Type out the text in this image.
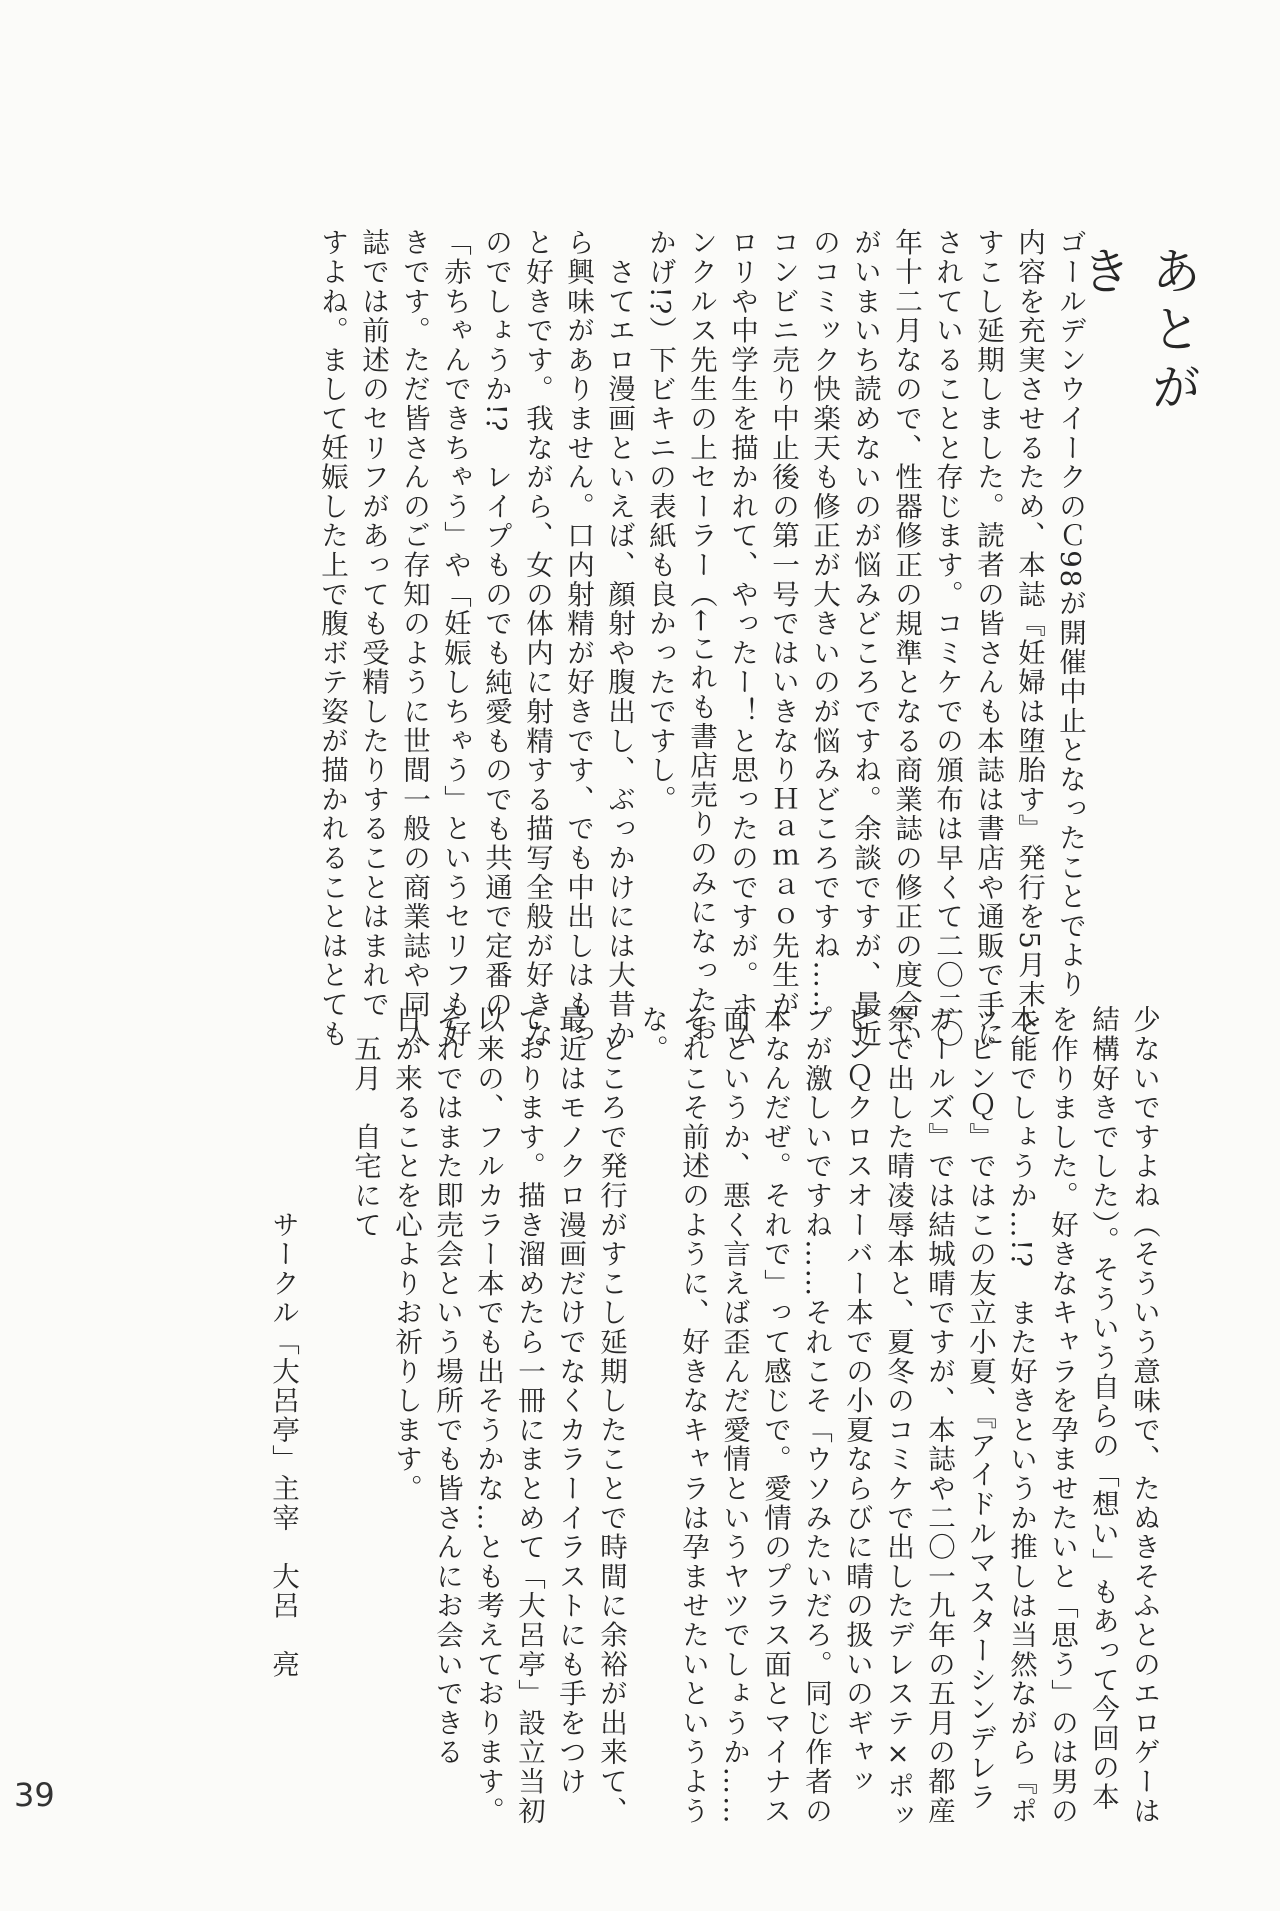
あとがき
ゴールデンウイークのＣ98が開催中止となったことでより
内容を充実させるため、本誌『妊婦は堕胎す』発行を5月末と
すこし延期しました。読者の皆さんも本誌は書店や通販で手に
されていることと存じます。コミケでの頒布は早くて二〇二〇
年十二月なので、性器修正の規準となる商業誌の修正の度合い
がいまいち読めないのが悩みどころですね。余談ですが、最近
のコミック快楽天も修正が大きいのが悩みどころですね……
コンビニ売り中止後の第一号ではいきなりＨａｍａｏ先生が
ロリや中学生を描かれて、やったー！と思ったのですが。ホム
ンクルス先生の上セーラー（←これも書店売りのみになったお
かげ!?）下ビキニの表紙も良かったですし。
　さてエロ漫画といえば、顔射や腹出し、ぶっかけには大昔か
ら興味がありません。口内射精が好きです、でも中出しはもっ
と好きです。我ながら、女の体内に射精する描写全般が好きな
のでしょうか!?　レイプものでも純愛ものでも共通で定番の
「赤ちゃんできちゃう」や「妊娠しちゃう」というセリフも好
きです。ただ皆さんのご存知のように世間一般の商業誌や同人
誌では前述のセリフがあっても受精したりすることはまれで
すよね。まして妊娠した上で腹ボテ姿が描かれることはとても
少ないですよね（そういう意味で、たぬきそふとのエロゲーは
結構好きでした）。そういう自らの「想い」もあって今回の本
を作りました。好きなキャラを孕ませたいと「思う」のは男の
本能でしょうか…!?　また好きというか推しは当然ながら『ポ
ッピンＱ』ではこの友立小夏、『アイドルマスターシンデレラ
ガールズ』では結城晴ですが、本誌や二〇一九年の五月の都産
祭で出した晴凌辱本と、夏冬のコミケで出したデレステ×ポッ
ピンＱクロスオーバー本での小夏ならびに晴の扱いのギャッ
プが激しいですね……それこそ「ウソみたいだろ。同じ作者の
本なんだぜ。それで」って感じで。愛情のプラス面とマイナス
面というか、悪く言えば歪んだ愛情というヤツでしょうか……
それこそ前述のように、好きなキャラは孕ませたいというよう
な。
　ところで発行がすこし延期したことで時間に余裕が出来て、
最近はモノクロ漫画だけでなくカラーイラストにも手をつけ
ております。描き溜めたら一冊にまとめて「大呂亭」設立当初
以来の、フルカラー本でも出そうかな…とも考えております。
それではまた即売会という場所でも皆さんにお会いできる
日が来ることを心よりお祈りします。
　五月　自宅にて

　　　　　　　サークル「大呂亭」主宰　大呂　亮
39
